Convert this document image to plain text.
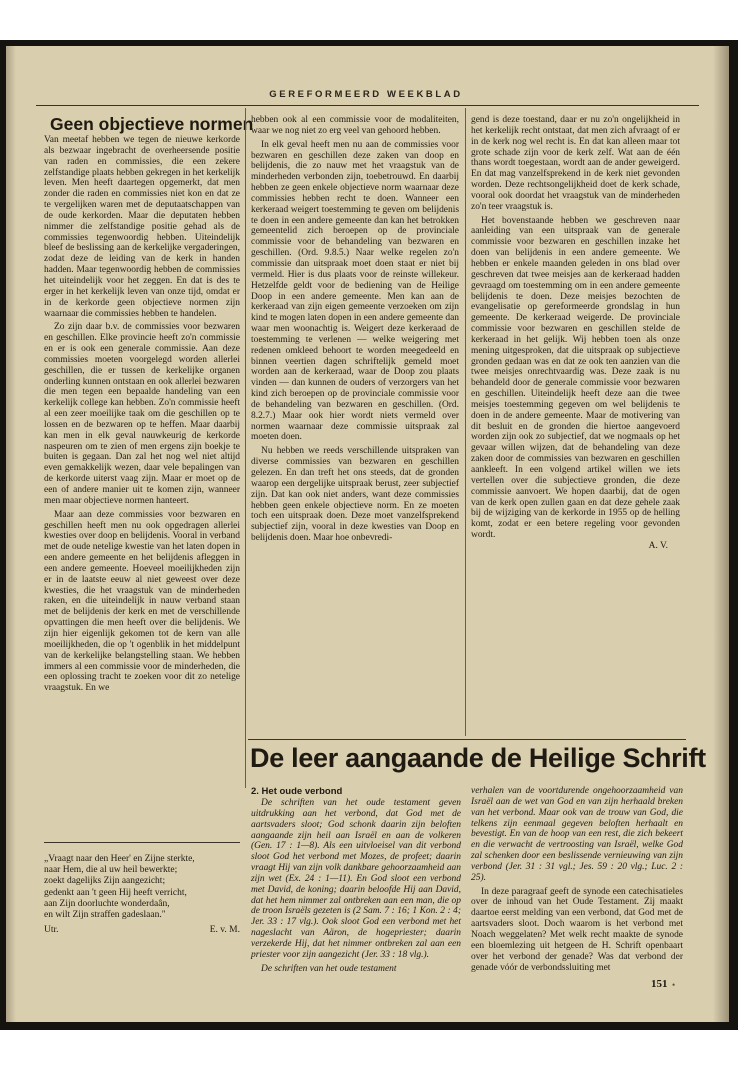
GEREFORMEERD WEEKBLAD
Geen objectieve normen

Van meetaf hebben we tegen de nieuwe kerkorde als bezwaar ingebracht de overheersende positie van raden en commissies, die een zekere zelfstandige plaats hebben gekregen in het kerkelijk leven. Men heeft daartegen opgemerkt, dat men zonder die raden en commissies niet kon en dat ze te vergelijken waren met de deputaatschappen van de oude kerkorden. Maar die deputaten hebben nimmer die zelfstandige positie gehad als de commissies tegenwoordig hebben. Uiteindelijk bleef de beslissing aan de kerkelijke vergaderingen, zodat deze de leiding van de kerk in handen hadden. Maar tegenwoordig hebben de commissies het uiteindelijk voor het zeggen. En dat is des te erger in het kerkelijk leven van onze tijd, omdat er in de kerkorde geen objectieve normen zijn waarnaar die commissies hebben te handelen.

Zo zijn daar b.v. de commissies voor bezwaren en geschillen. Elke provincie heeft zo'n commissie en er is ook een generale commissie. Aan deze commissies moeten voorgelegd worden allerlei geschillen, die er tussen de kerkelijke organen onderling kunnen ontstaan en ook allerlei bezwaren die men tegen een bepaalde handeling van een kerkelijk college kan hebben. Zo'n commissie heeft al een zeer moeilijke taak om die geschillen op te lossen en de bezwaren op te heffen. Maar daarbij kan men in elk geval nauwkeurig de kerkorde naspeuren om te zien of men ergens zijn boekje te buiten is gegaan. Dan zal het nog wel niet altijd even gemakkelijk wezen, daar vele bepalingen van de kerkorde uiterst vaag zijn. Maar er moet op de een of andere manier uit te komen zijn, wanneer men maar objectieve normen hanteert.

Maar aan deze commissies voor bezwaren en geschillen heeft men nu ook opgedragen allerlei kwesties over doop en belijdenis. Vooral in verband met de oude netelige kwestie van het laten dopen in een andere gemeente en het belijdenis afleggen in een andere gemeente. Hoeveel moeilijkheden zijn er in de laatste eeuw al niet geweest over deze kwesties, die het vraagstuk van de minderheden raken, en die uiteindelijk in nauw verband staan met de belijdenis der kerk en met de verschillende opvattingen die men heeft over die belijdenis. We zijn hier eigenlijk gekomen tot de kern van alle moeilijkheden, die op 't ogenblik in het middelpunt van de kerkelijke belangstelling staan. We hebben immers al een commissie voor de minderheden, die een oplossing tracht te zoeken voor dit zo netelige vraagstuk. En we

hebben ook al een commissie voor de modaliteiten, waar we nog niet zo erg veel van gehoord hebben.

In elk geval heeft men nu aan de commissies voor bezwaren en geschillen deze zaken van doop en belijdenis, die zo nauw met het vraagstuk van de minderheden verbonden zijn, toebetrouwd. En daarbij hebben ze geen enkele objectieve norm waarnaar deze commissies hebben recht te doen. Wanneer een kerkeraad weigert toestemming te geven om belijdenis te doen in een andere gemeente dan kan het betrokken gemeentelid zich beroepen op de provinciale commissie voor de behandeling van bezwaren en geschillen. (Ord. 9.8.5.) Naar welke regelen zo'n commissie dan uitspraak moet doen staat er niet bij vermeld. Hier is dus plaats voor de reinste willekeur. Hetzelfde geldt voor de bediening van de Heilige Doop in een andere gemeente. Men kan aan de kerkeraad van zijn eigen gemeente verzoeken om zijn kind te mogen laten dopen in een andere gemeente dan waar men woonachtig is. Weigert deze kerkeraad de toestemming te verlenen — welke weigering met redenen omkleed behoort te worden meegedeeld en binnen veertien dagen schriftelijk gemeld moet worden aan de kerkeraad, waar de Doop zou plaats vinden — dan kunnen de ouders of verzorgers van het kind zich beroepen op de provinciale commissie voor de behandeling van bezwaren en geschillen. (Ord. 8.2.7.) Maar ook hier wordt niets vermeld over normen waarnaar deze commissie uitspraak zal moeten doen.

Nu hebben we reeds verschillende uitspraken van diverse commissies van bezwaren en geschillen gelezen. En dan treft het ons steeds, dat de gronden waarop een dergelijke uitspraak berust, zeer subjectief zijn. Dat kan ook niet anders, want deze commissies hebben geen enkele objectieve norm. En ze moeten toch een uitspraak doen. Deze moet vanzelfsprekend subjectief zijn, vooral in deze kwesties van Doop en belijdenis doen. Maar hoe onbevredi-

gend is deze toestand, daar er nu zo'n ongelijkheid in het kerkelijk recht ontstaat, dat men zich afvraagt of er in de kerk nog wel recht is. En dat kan alleen maar tot grote schade zijn voor de kerk zelf. Wat aan de één thans wordt toegestaan, wordt aan de ander geweigerd. En dat mag vanzelfsprekend in de kerk niet gevonden worden. Deze rechtsongelijkheid doet de kerk schade, vooral ook doordat het vraagstuk van de minderheden zo'n teer vraagstuk is.

Het bovenstaande hebben we geschreven naar aanleiding van een uitspraak van de generale commissie voor bezwaren en geschillen inzake het doen van belijdenis in een andere gemeente. We hebben er enkele maanden geleden in ons blad over geschreven dat twee meisjes aan de kerkeraad hadden gevraagd om toestemming om in een andere gemeente belijdenis te doen. Deze meisjes bezochten de evangelisatie op gereformeerde grondslag in hun gemeente. De kerkeraad weigerde. De provinciale commissie voor bezwaren en geschillen stelde de kerkeraad in het gelijk. Wij hebben toen als onze mening uitgesproken, dat die uitspraak op subjectieve gronden gedaan was en dat ze ook ten aanzien van die twee meisjes onrechtvaardig was. Deze zaak is nu behandeld door de generale commissie voor bezwaren en geschillen. Uiteindelijk heeft deze aan die twee meisjes toestemming gegeven om wel belijdenis te doen in de andere gemeente. Maar de motivering van dit besluit en de gronden die hiertoe aangevoerd worden zijn ook zo subjectief, dat we nogmaals op het gevaar willen wijzen, dat de behandeling van deze zaken door de commissies van bezwaren en geschillen aankleeft. In een volgend artikel willen we iets vertellen over die subjectieve gronden, die deze commissie aanvoert. We hopen daarbij, dat de ogen van de kerk open zullen gaan en dat deze gehele zaak bij de wijziging van de kerkorde in 1955 op de helling komt, zodat er een betere regeling voor gevonden wordt.

A. V.
„Vraagt naar den Heer' en Zijne sterkte,
naar Hem, die al uw heil bewerkte;
zoekt dagelijks Zijn aangezicht;
gedenkt aan 't geen Hij heeft verricht,
aan Zijn doorluchte wonderdaân,
en wilt Zijn straffen gadeslaan."
Utr.	E. v. M.
De leer aangaande de Heilige Schrift
2. Het oude verbond

De schriften van het oude testament geven uitdrukking aan het verbond, dat God met de aartsvaders sloot; God schonk daarin zijn beloften aangaande zijn heil aan Israël en aan de volkeren (Gen. 17 : 1—8). Als een uitvloeisel van dit verbond sloot God het verbond met Mozes, de profeet; daarin vraagt Hij van zijn volk dankbare gehoorzaamheid aan zijn wet (Ex. 24 : 1—11). En God sloot een verbond met David, de koning; daarin beloofde Hij aan David, dat het hem nimmer zal ontbreken aan een man, die op de troon Israëls gezeten is (2 Sam. 7 : 16; 1 Kon. 2 : 4; Jer. 33 : 17 vlg.). Ook sloot God een verbond met het nageslacht van Aäron, de hogepriester; daarin verzekerde Hij, dat het nimmer ontbreken zal aan een priester voor zijn aangezicht (Jer. 33 : 18 vlg.).

De schriften van het oude testament

verhalen van de voortdurende ongehoorzaamheid van Israël aan de wet van God en van zijn herhaald breken van het verbond. Maar ook van de trouw van God, die telkens zijn eenmaal gegeven beloften herhaalt en bevestigt. En van de hoop van een rest, die zich bekeert en die verwacht de vertroosting van Israël, welke God zal schenken door een beslissende vernieuwing van zijn verbond (Jer. 31 : 31 vgl.; Jes. 59 : 20 vlg.; Luc. 2 : 25).

In deze paragraaf geeft de synode een catechisatieles over de inhoud van het Oude Testament. Zij maakt daartoe eerst melding van een verbond, dat God met de aartsvaders sloot. Doch waarom is het verbond met Noach weggelaten? Met welk recht maakte de synode een bloemlezing uit hetgeen de H. Schrift openbaart over het verbond der genade? Was dat verbond der genade vóór de verbondssluiting met

151 •
